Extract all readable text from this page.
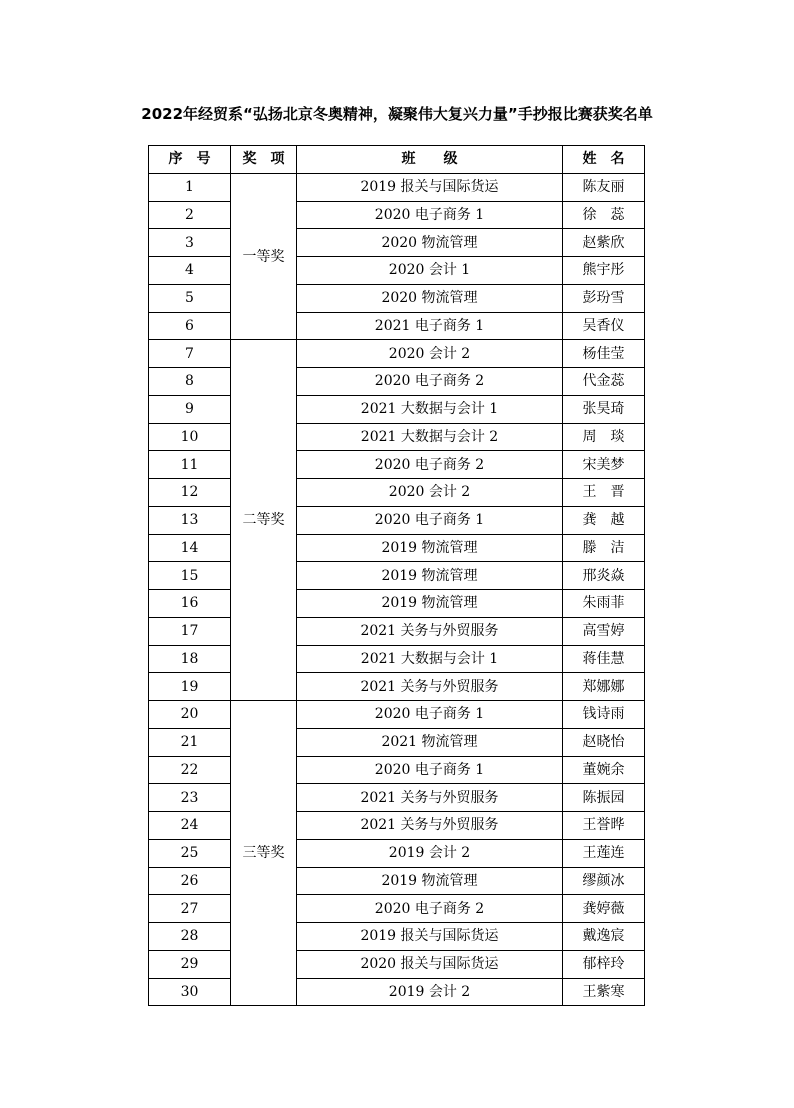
2022年经贸系“弘扬北京冬奥精神，凝聚伟大复兴力量”手抄报比赛获奖名单
序　号	奖　项	班　　级	姓　名
1	一等奖	2019 报关与国际货运	陈友丽
2		2020 电子商务 1	徐　蕊
3		2020 物流管理	赵紫欣
4		2020 会计 1	熊宇彤
5		2020 物流管理	彭玢雪
6		2021 电子商务 1	吴香仪
7	二等奖	2020 会计 2	杨佳莹
8		2020 电子商务 2	代金蕊
9		2021 大数据与会计 1	张昊琦
10		2021 大数据与会计 2	周　琰
11		2020 电子商务 2	宋美梦
12		2020 会计 2	王　晋
13		2020 电子商务 1	龚　越
14		2019 物流管理	滕　洁
15		2019 物流管理	邢炎焱
16		2019 物流管理	朱雨菲
17		2021 关务与外贸服务	高雪婷
18		2021 大数据与会计 1	蒋佳慧
19		2021 关务与外贸服务	郑娜娜
20	三等奖	2020 电子商务 1	钱诗雨
21		2021 物流管理	赵晓怡
22		2020 电子商务 1	董婉余
23		2021 关务与外贸服务	陈振园
24		2021 关务与外贸服务	王誉晔
25		2019 会计 2	王莲连
26		2019 物流管理	缪颜冰
27		2020 电子商务 2	龚婷薇
28		2019 报关与国际货运	戴逸宸
29		2020 报关与国际货运	郁梓玲
30		2019 会计 2	王紫寒
